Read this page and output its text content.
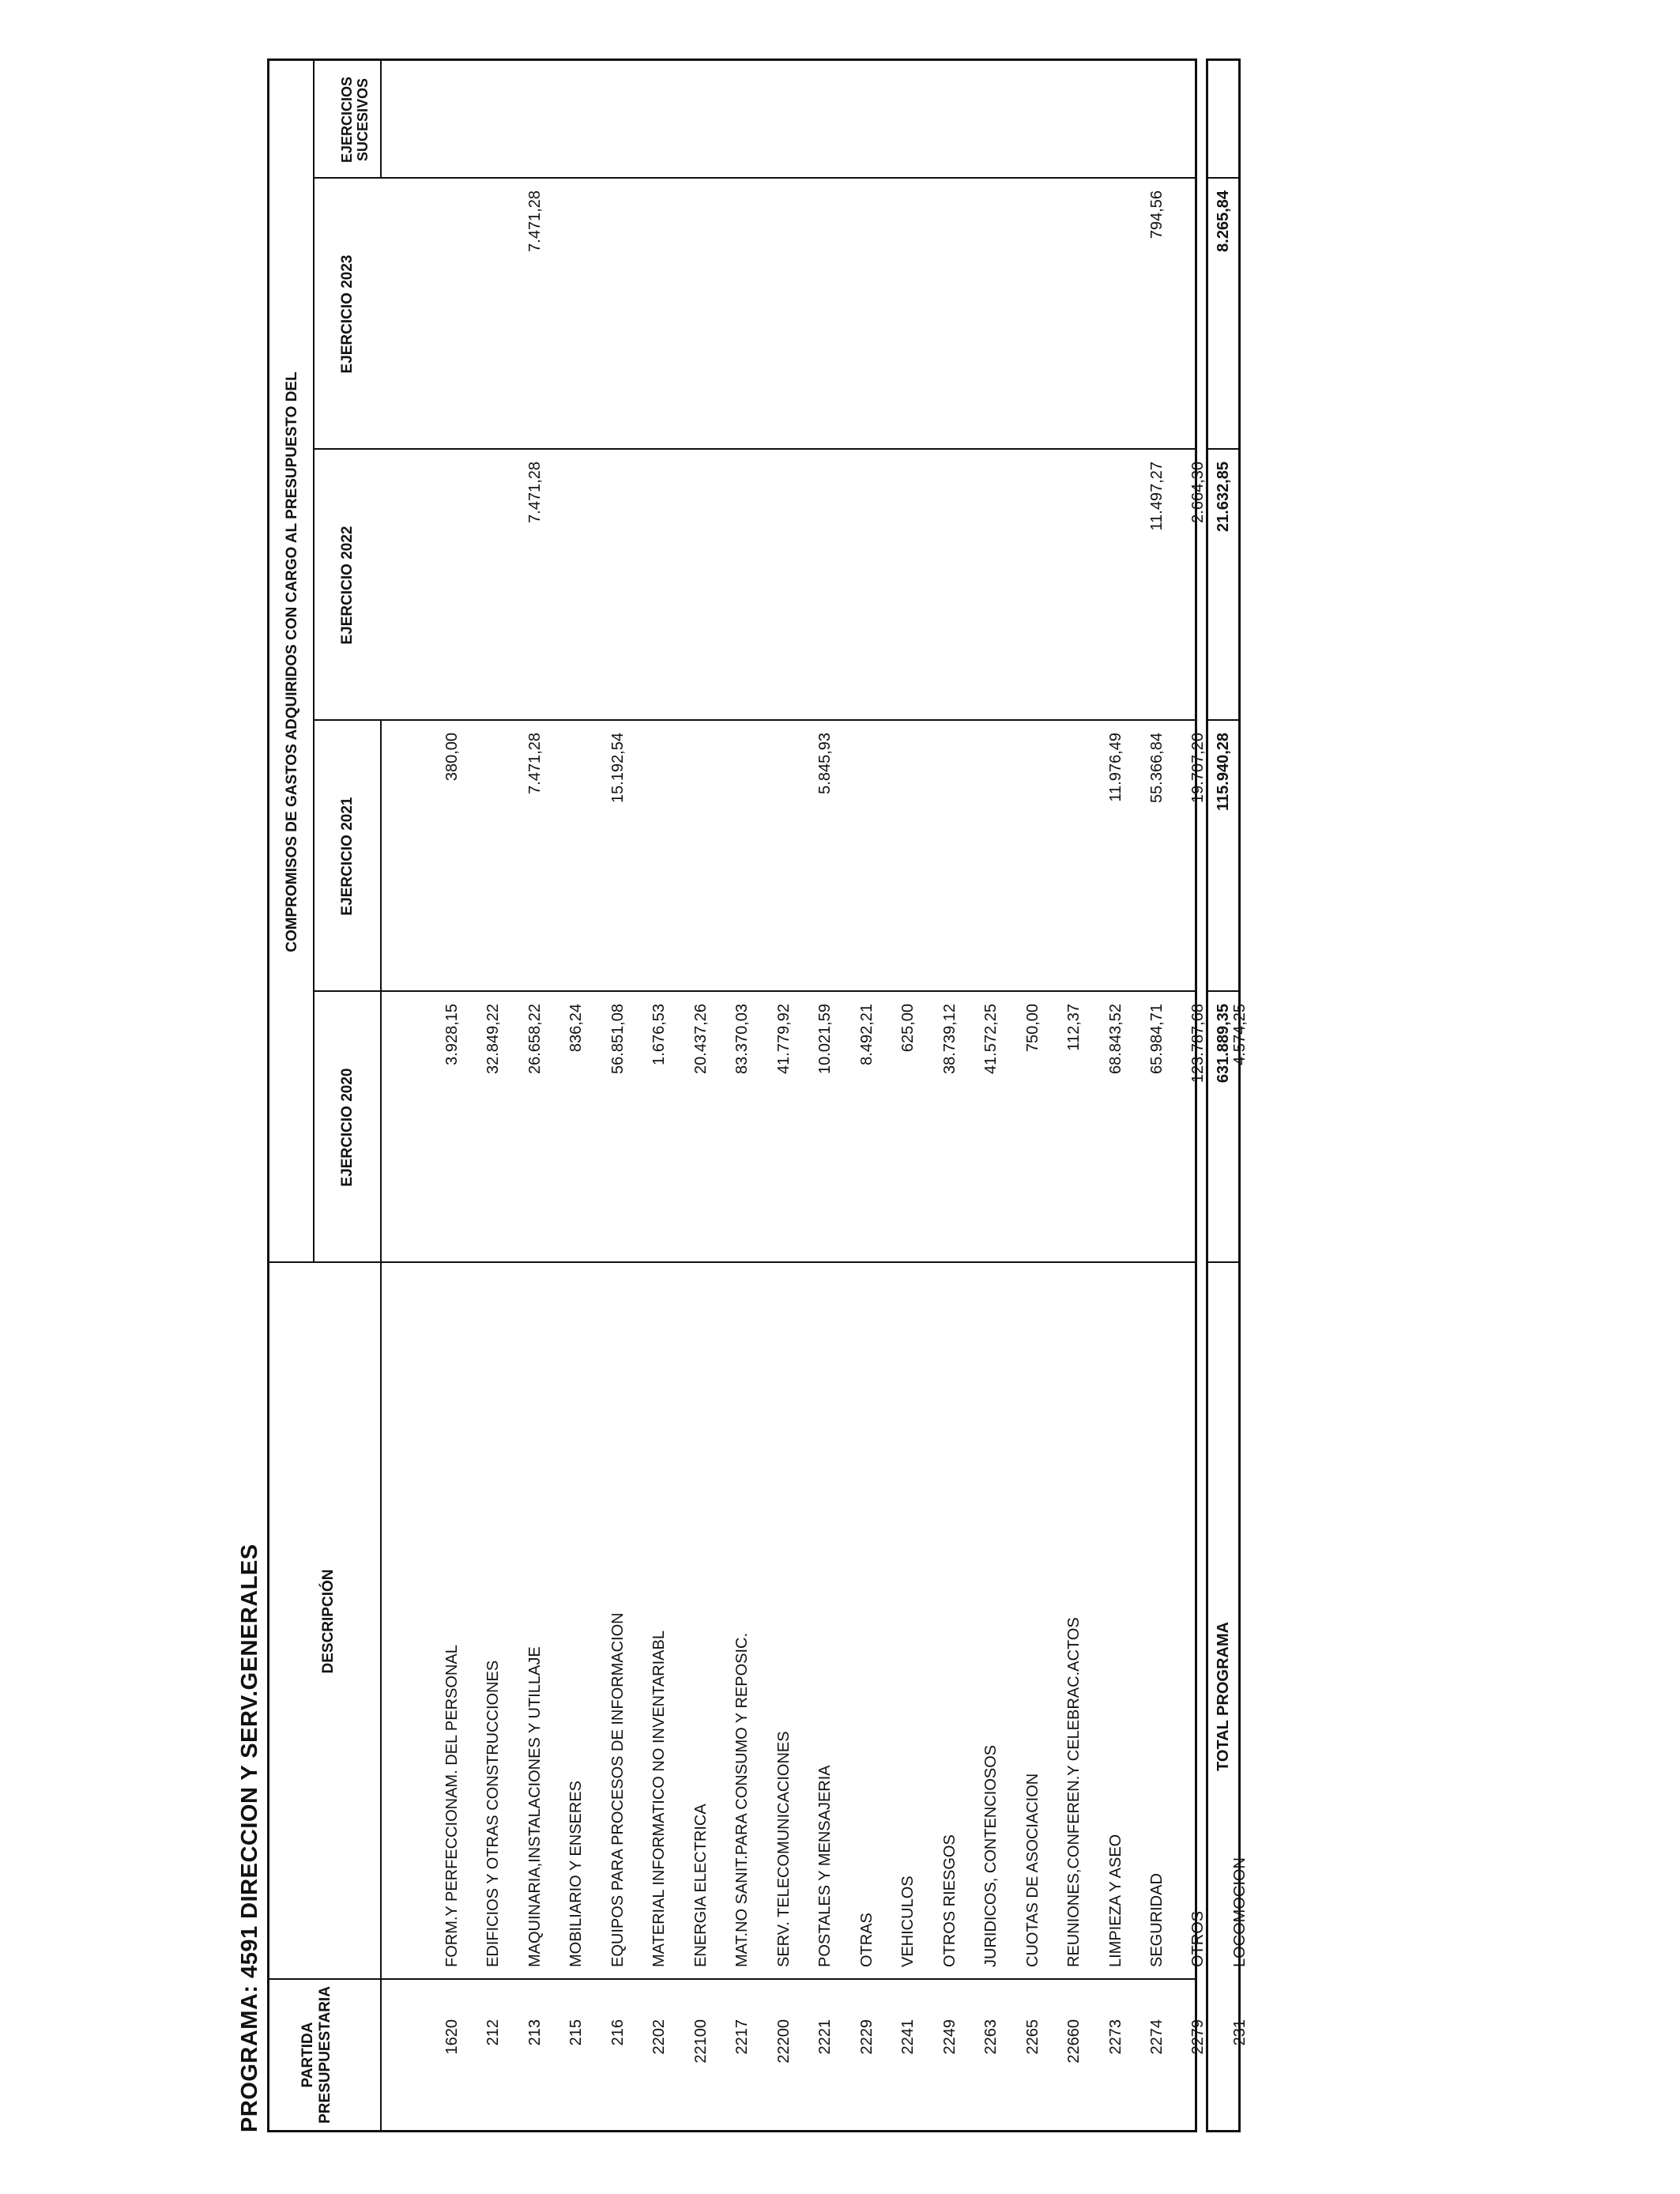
PROGRAMA: 4591 DIRECCION Y SERV.GENERALES PARTIDA PRESUPUESTARIA
DESCRIPCIÓN
COMPROMISOS DE GASTOS ADQUIRIDOS CON CARGO AL PRESUPUESTO DEL
EJERCICIO 2020
EJERCICIO 2021
EJERCICIO 2022
EJERCICIO 2023
EJERCICIOS SUCESIVOS
1620
FORM.Y PERFECCIONAM. DEL PERSONAL
3.928,15
380,00
212
EDIFICIOS Y OTRAS CONSTRUCCIONES
32.849,22
213
MAQUINARIA,INSTALACIONES Y UTILLAJE
26.658,22
7.471,28
7.471,28
7.471,28
215
MOBILIARIO Y ENSERES
836,24
216
EQUIPOS PARA PROCESOS DE INFORMACION
56.851,08
15.192,54
2202
MATERIAL INFORMATICO NO INVENTARIABL
1.676,53
22100
ENERGIA ELECTRICA
20.437,26
2217
MAT.NO SANIT.PARA CONSUMO Y REPOSIC.
83.370,03
22200
SERV. TELECOMUNICACIONES
41.779,92
2221
POSTALES Y MENSAJERIA
10.021,59
5.845,93
2229
OTRAS
8.492,21
2241
VEHICULOS
625,00
2249
OTROS RIESGOS
38.739,12
2263
JURIDICOS, CONTENCIOSOS
41.572,25
2265
CUOTAS DE ASOCIACION
750,00
22660
REUNIONES,CONFEREN.Y CELEBRAC.ACTOS
112,37
2273
LIMPIEZA Y ASEO
68.843,52
11.976,49
2274
SEGURIDAD
65.984,71
55.366,84
11.497,27
794,56
2279
OTROS
123.787,68
19.707,20
2.664,30
231
LOCOMOCION
4.574,25
TOTAL PROGRAMA
631.889,35
115.940,28
21.632,85
8.265,84
